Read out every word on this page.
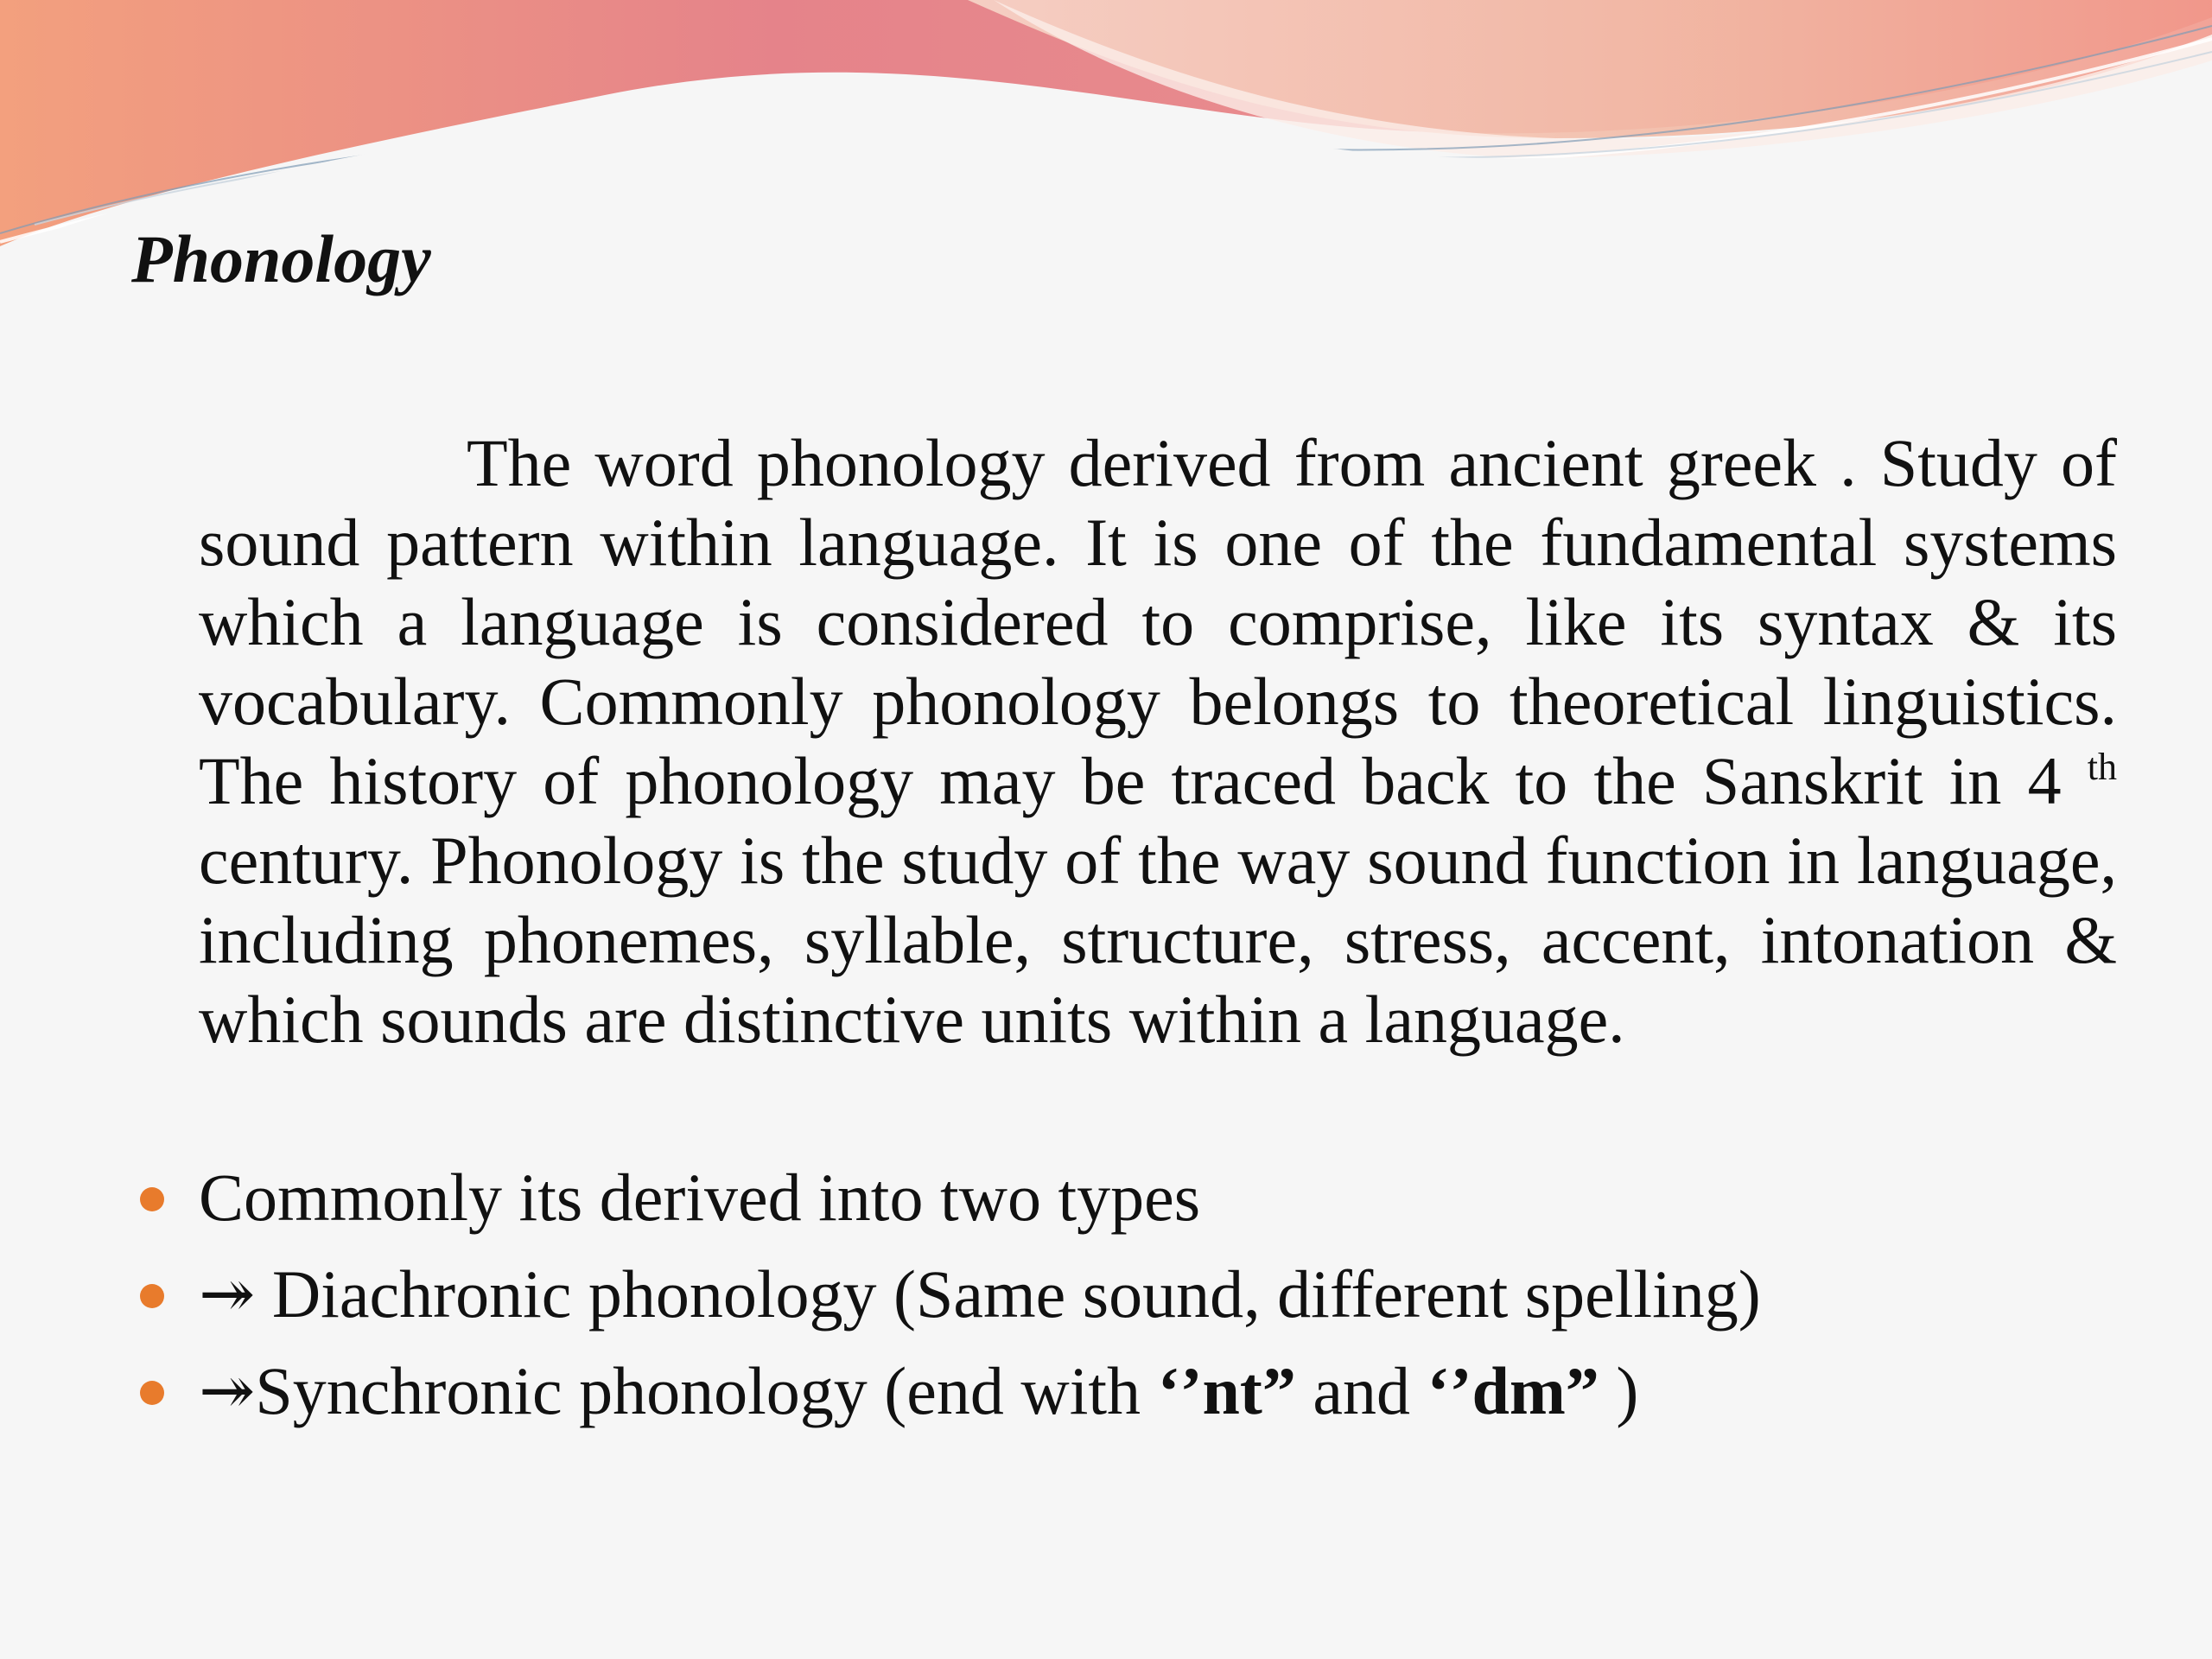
Phonology

The word phonology derived from ancient greek . Study of sound pattern within language. It is one of the fundamental systems which a language is considered to comprise, like its syntax & its vocabulary. Commonly phonology belongs to theoretical linguistics. The history of phonology may be traced back to the Sanskrit in 4 $^{th}$ century. Phonology is the study of the way sound function in language, including phonemes, syllable, structure, stress, accent, intonation & which sounds are distinctive units within a language.

Commonly its derived into two types
↠ Diachronic phonology (Same sound, different spelling)
↠Synchronic phonology (end with ‘’nt” and ‘’dm” )
